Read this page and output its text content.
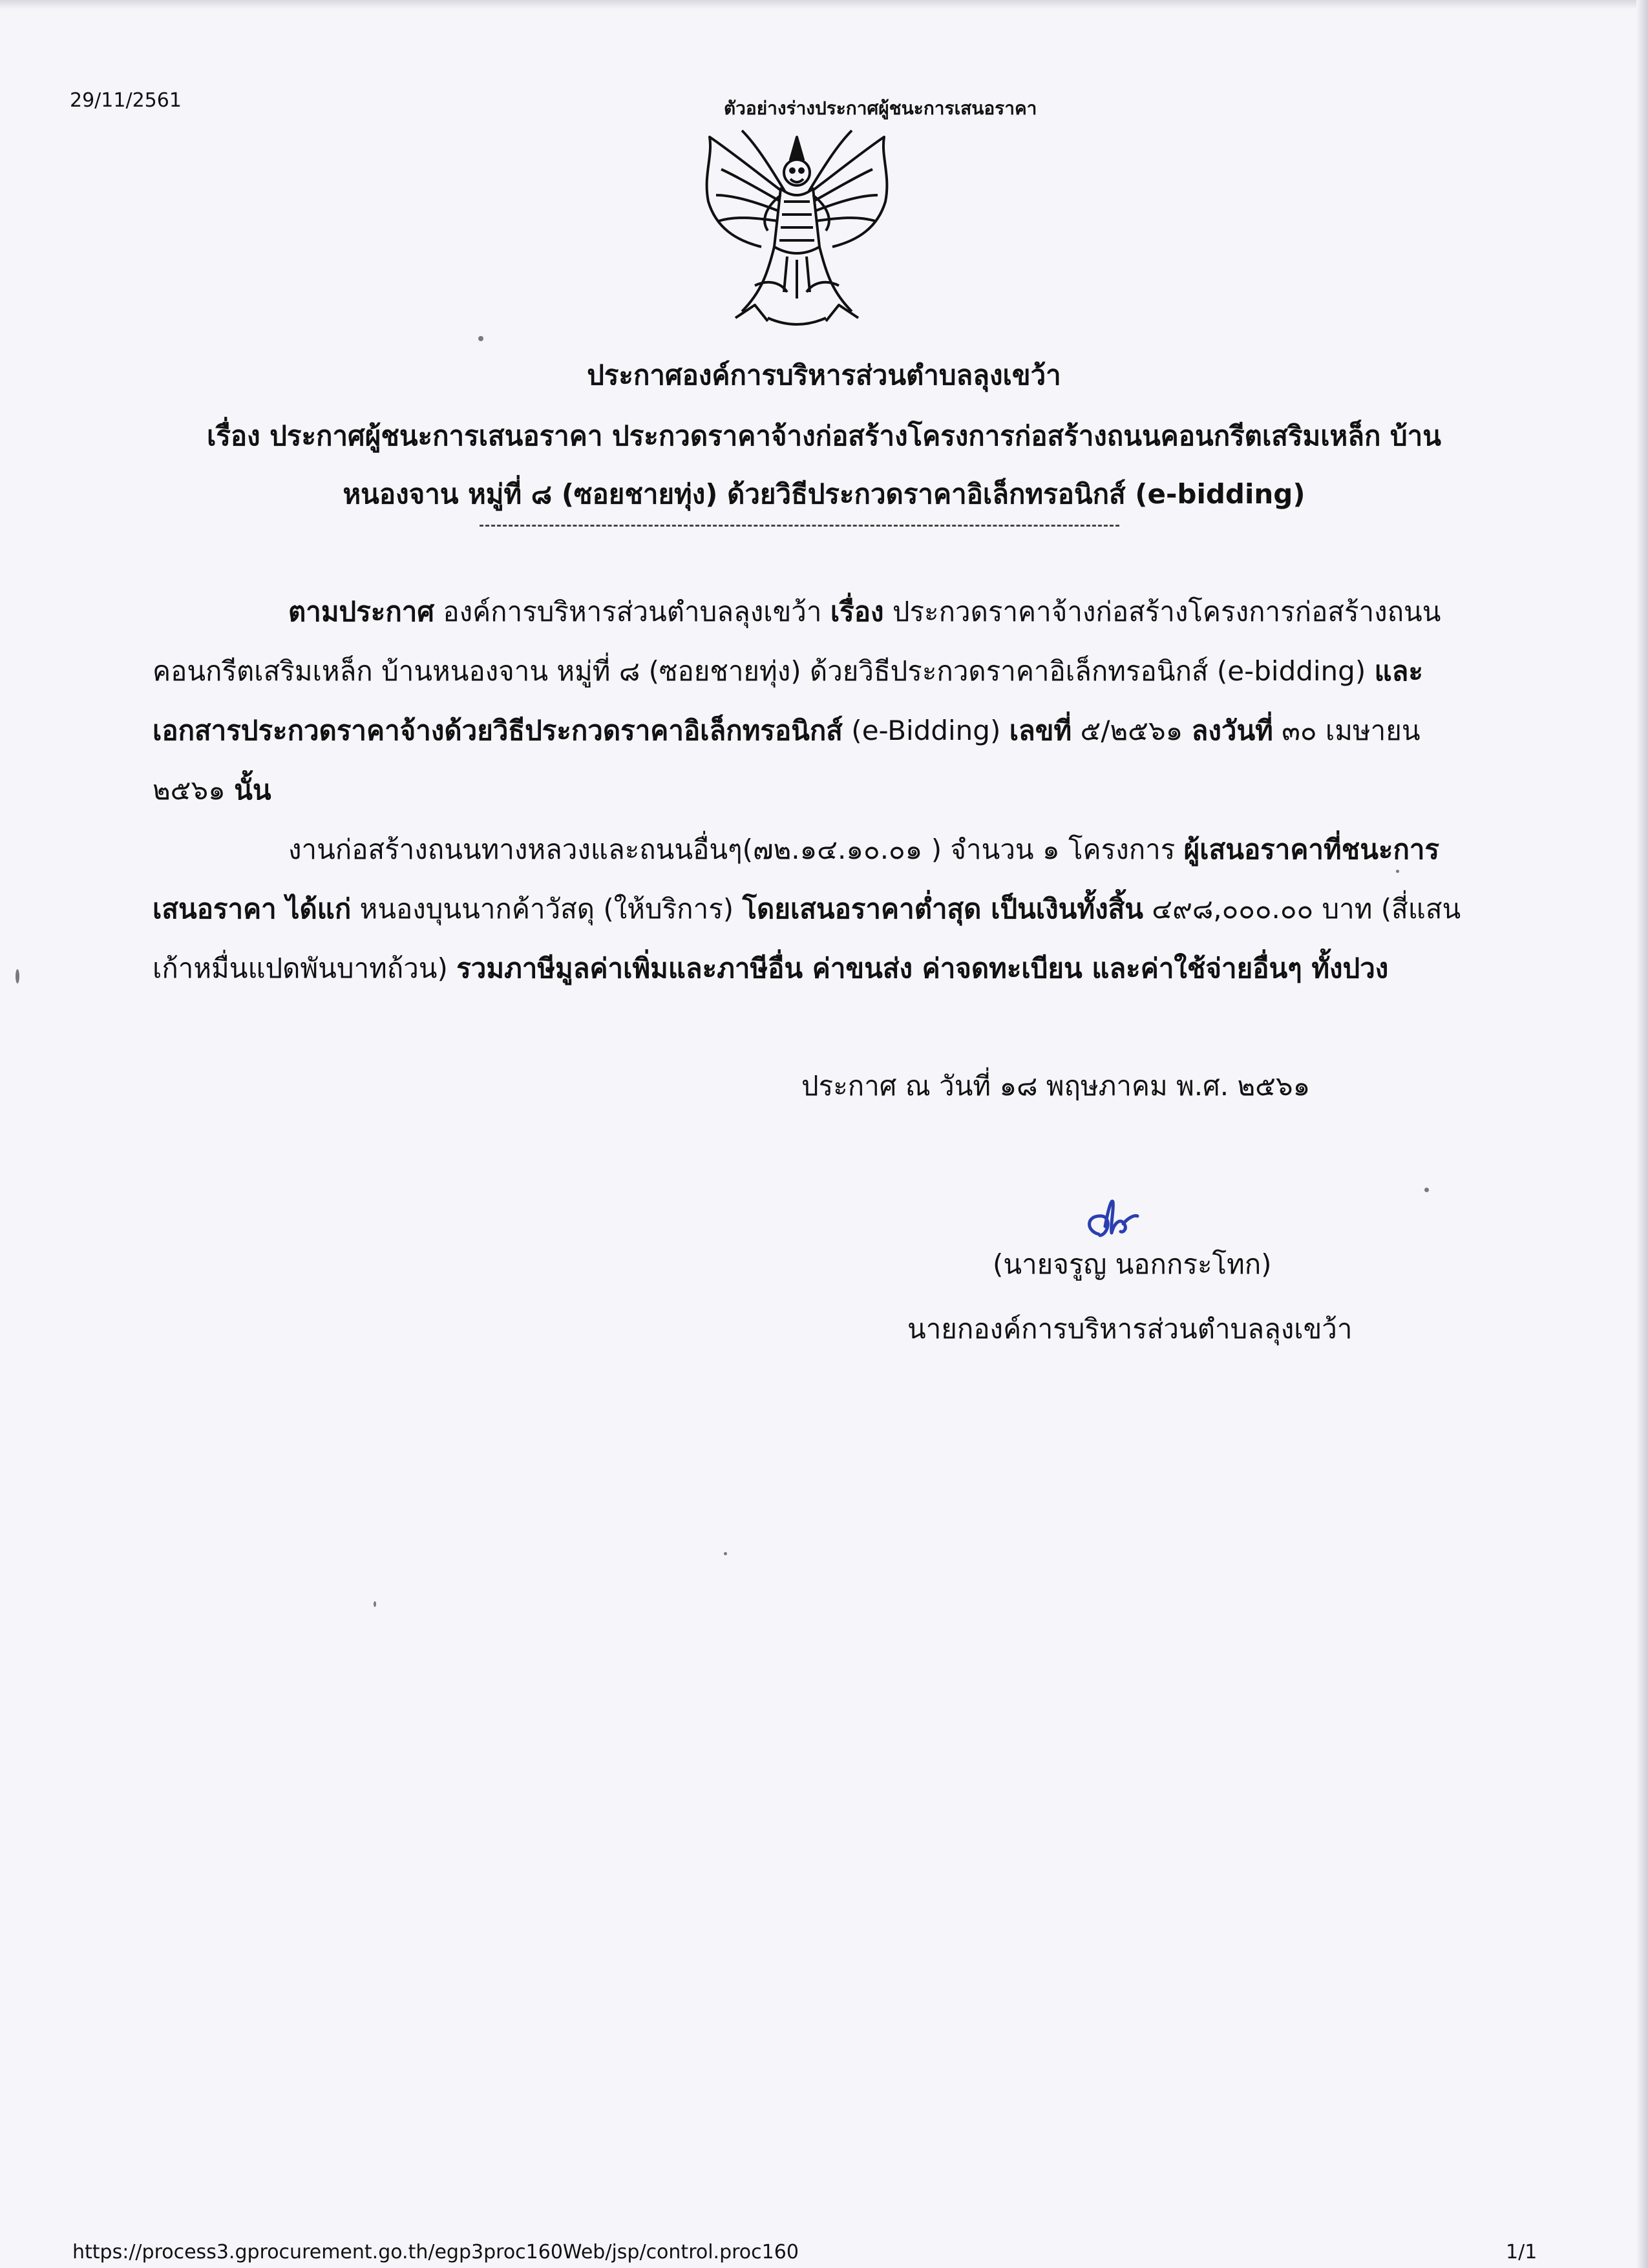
29/11/2561	ตัวอย่างร่างประกาศผู้ชนะการเสนอราคา
ประกาศองค์การบริหารส่วนตำบลลุงเขว้า
เรื่อง ประกาศผู้ชนะการเสนอราคา ประกวดราคาจ้างก่อสร้างโครงการก่อสร้างถนนคอนกรีตเสริมเหล็ก บ้าน
หนองจาน หมู่ที่ ๘ (ซอยชายทุ่ง) ด้วยวิธีประกวดราคาอิเล็กทรอนิกส์ (e-bidding)
ตามประกาศ องค์การบริหารส่วนตำบลลุงเขว้า เรื่อง ประกวดราคาจ้างก่อสร้างโครงการก่อสร้างถนน
คอนกรีตเสริมเหล็ก บ้านหนองจาน หมู่ที่ ๘ (ซอยชายทุ่ง) ด้วยวิธีประกวดราคาอิเล็กทรอนิกส์ (e-bidding) และ
เอกสารประกวดราคาจ้างด้วยวิธีประกวดราคาอิเล็กทรอนิกส์ (e-Bidding) เลขที่ ๕/๒๕๖๑ ลงวันที่ ๓๐ เมษายน
๒๕๖๑ นั้น
งานก่อสร้างถนนทางหลวงและถนนอื่นๆ(๗๒.๑๔.๑๐.๐๑ ) จำนวน ๑ โครงการ ผู้เสนอราคาที่ชนะการ
เสนอราคา ได้แก่ หนองบุนนากค้าวัสดุ (ให้บริการ) โดยเสนอราคาต่ำสุด เป็นเงินทั้งสิ้น ๔๙๘,๐๐๐.๐๐ บาท (สี่แสน
เก้าหมื่นแปดพันบาทถ้วน) รวมภาษีมูลค่าเพิ่มและภาษีอื่น ค่าขนส่ง ค่าจดทะเบียน และค่าใช้จ่ายอื่นๆ ทั้งปวง
ประกาศ ณ วันที่ ๑๘ พฤษภาคม พ.ศ. ๒๕๖๑
(นายจรูญ นอกกระโทก)
นายกองค์การบริหารส่วนตำบลลุงเขว้า
https://process3.gprocurement.go.th/egp3proc160Web/jsp/control.proc160	1/1
